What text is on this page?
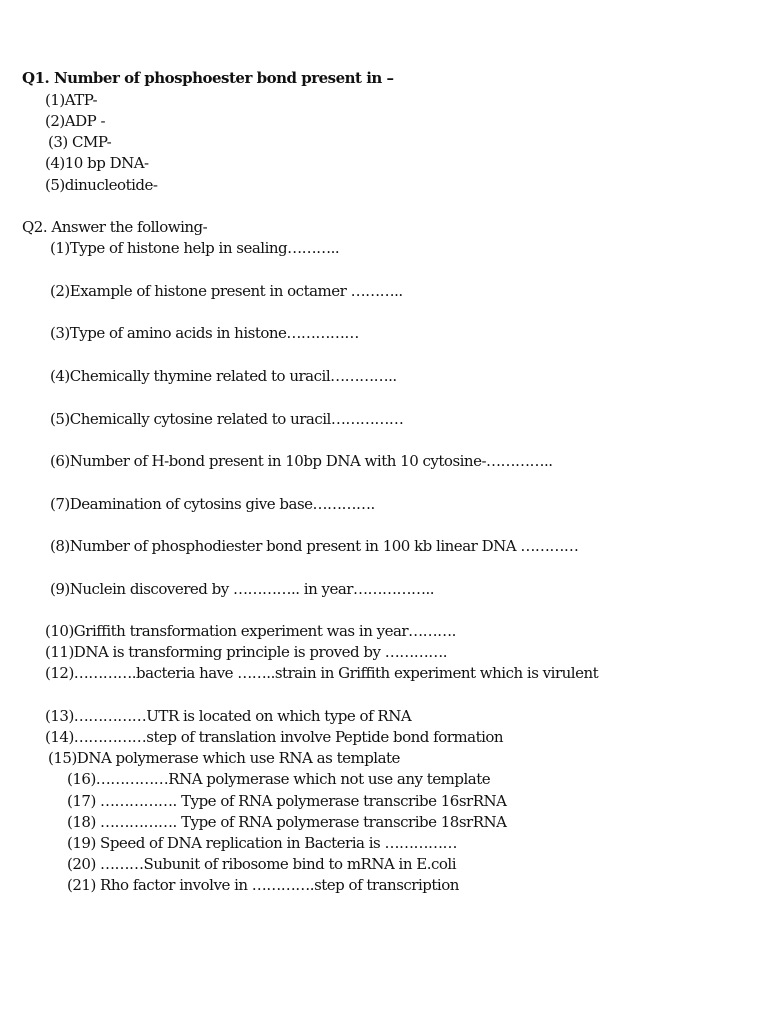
Q1. Number of phosphoester bond present in –
(1)ATP-
(2)ADP -
(3) CMP-
(4)10 bp DNA-
(5)dinucleotide-
Q2. Answer the following-
(1)Type of histone help in sealing………..
(2)Example of histone present in octamer ………..
(3)Type of amino acids in histone……………
(4)Chemically thymine related to uracil…………..
(5)Chemically cytosine related to uracil……………
(6)Number of H-bond present in 10bp DNA with 10 cytosine-…………..
(7)Deamination of cytosins give base………….
(8)Number of phosphodiester bond present in 100 kb linear DNA …………
(9)Nuclein discovered by ………….. in year……………..
(10)Griffith transformation experiment was in year……….
(11)DNA is transforming principle is proved by ………….
(12)………….bacteria have ……..strain in Griffith experiment which is virulent
(13)……………UTR is located on which type of RNA
(14)……………step of translation involve Peptide bond formation
(15)DNA polymerase which use RNA as template
(16)……………RNA polymerase which not use any template
(17) ……………. Type of RNA polymerase transcribe 16srRNA
(18) ……………. Type of RNA polymerase transcribe 18srRNA
(19) Speed of DNA replication in Bacteria is ……………
(20) ………Subunit of ribosome bind to mRNA in E.coli
(21) Rho factor involve in ………….step of transcription
